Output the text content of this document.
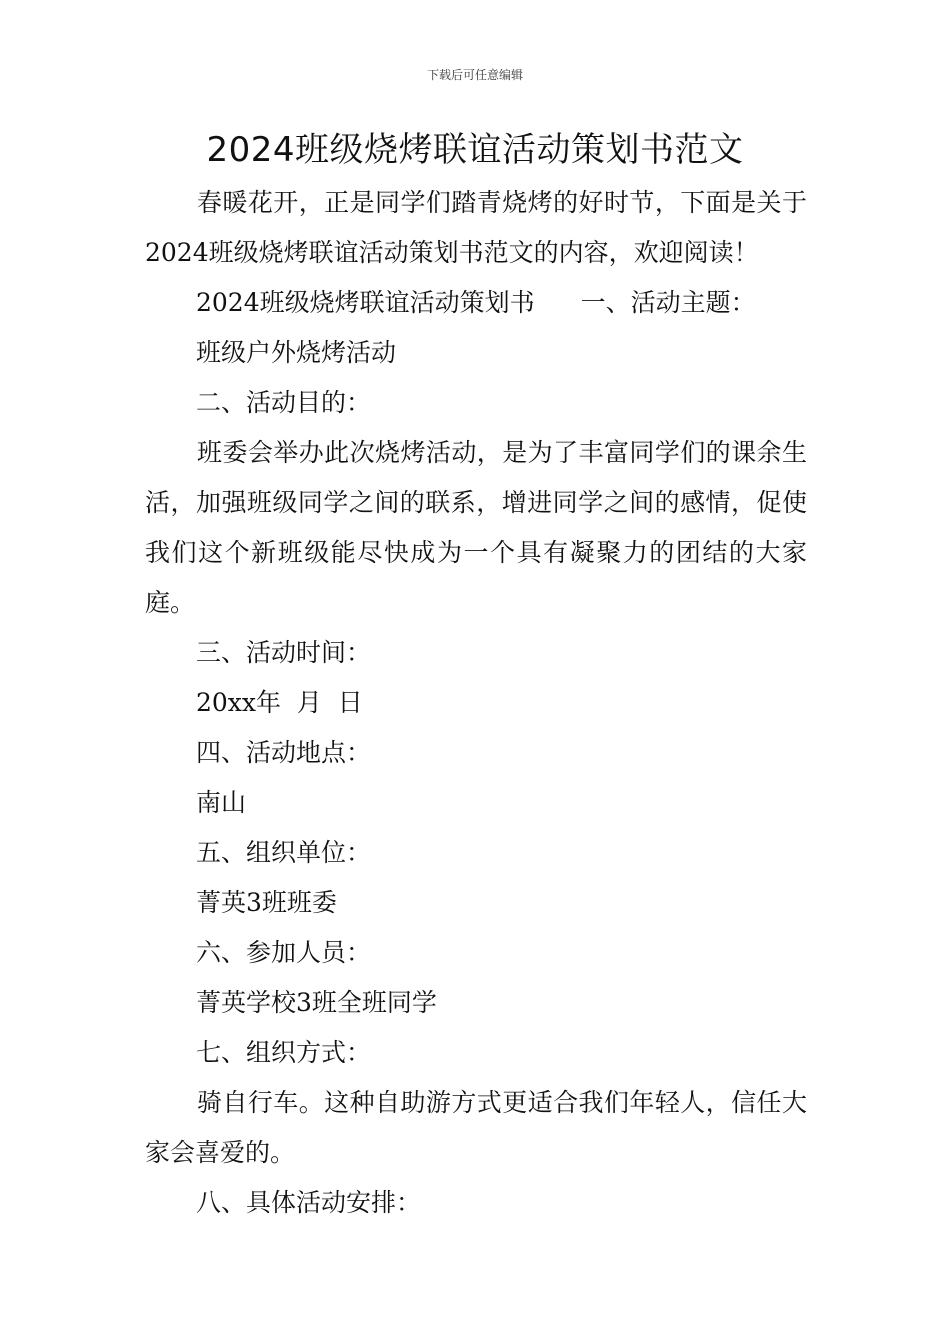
下载后可任意编辑
2024班级烧烤联谊活动策划书范文

春暖花开，正是同学们踏青烧烤的好时节，下面是关于2024班级烧烤联谊活动策划书范文的内容，欢迎阅读！

2024班级烧烤联谊活动策划书 一、活动主题：
班级户外烧烤活动
二、活动目的：

班委会举办此次烧烤活动，是为了丰富同学们的课余生活，加强班级同学之间的联系，增进同学之间的感情，促使我们这个新班级能尽快成为一个具有凝聚力的团结的大家庭。

三、活动时间：
20xx年  月  日
四、活动地点：
南山
五、组织单位：
菁英3班班委
六、参加人员：
菁英学校3班全班同学
七、组织方式：

骑自行车。这种自助游方式更适合我们年轻人，信任大家会喜爱的。

八、具体活动安排：
